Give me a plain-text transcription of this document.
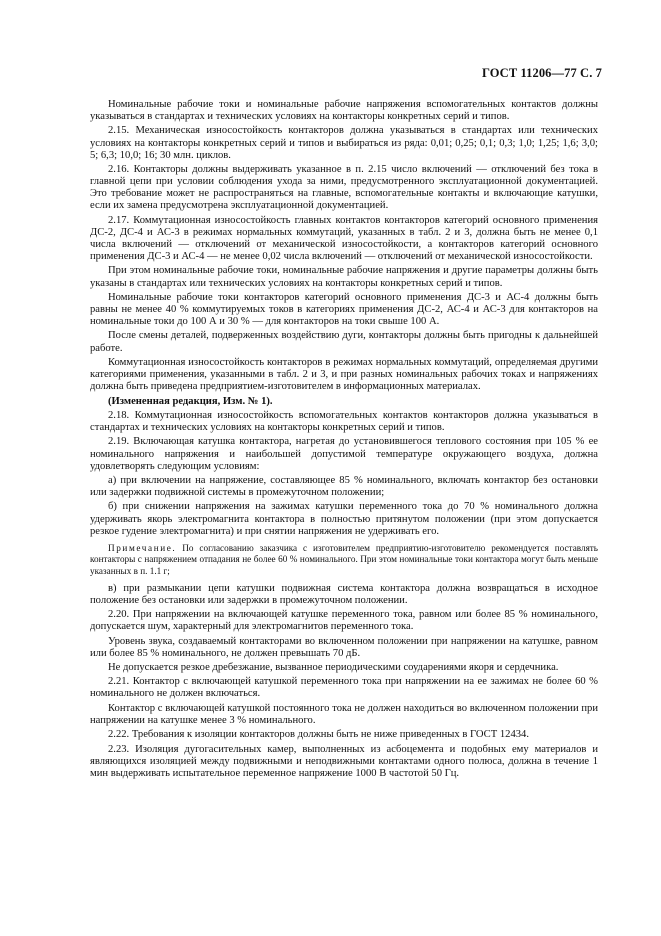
ГОСТ 11206—77 С. 7

Номинальные рабочие токи и номинальные рабочие напряжения вспомогательных контактов должны указываться в стандартах и технических условиях на контакторы конкретных серий и типов.

2.15. Механическая износостойкость контакторов должна указываться в стандартах или технических условиях на контакторы конкретных серий и типов и выбираться из ряда: 0,01; 0,25; 0,1; 0,3; 1,0; 1,25; 1,6; 3,0; 5; 6,3; 10,0; 16; 30 млн. циклов.

2.16. Контакторы должны выдерживать указанное в п. 2.15 число включений — отключений без тока в главной цепи при условии соблюдения ухода за ними, предусмотренного эксплуатационной документацией. Это требование может не распространяться на главные, вспомогательные контакты и включающие катушки, если их замена предусмотрена эксплуатационной документацией.

2.17. Коммутационная износостойкость главных контактов контакторов категорий основного применения ДС-2, ДС-4 и АС-3 в режимах нормальных коммутаций, указанных в табл. 2 и 3, должна быть не менее 0,1 числа включений — отключений от механической износостойкости, а контакторов категорий основного применения ДС-3 и АС-4 — не менее 0,02 числа включений — отключений от механической износостойкости.

При этом номинальные рабочие токи, номинальные рабочие напряжения и другие параметры должны быть указаны в стандартах или технических условиях на контакторы конкретных серий и типов.

Номинальные рабочие токи контакторов категорий основного применения ДС-3 и АС-4 должны быть равны не менее 40 % коммутируемых токов в категориях применения ДС-2, АС-4 и АС-3 для контакторов на номинальные токи до 100 А и 30 % — для контакторов на токи свыше 100 А.

После смены деталей, подверженных воздействию дуги, контакторы должны быть пригодны к дальнейшей работе.

Коммутационная износостойкость контакторов в режимах нормальных коммутаций, определяемая другими категориями применения, указанными в табл. 2 и 3, и при разных номинальных рабочих токах и напряжениях должна быть приведена предприятием-изготовителем в информационных материалах.

(Измененная редакция, Изм. № 1).

2.18. Коммутационная износостойкость вспомогательных контактов контакторов должна указываться в стандартах и технических условиях на контакторы конкретных серий и типов.

2.19. Включающая катушка контактора, нагретая до установившегося теплового состояния при 105 % ее номинального напряжения и наибольшей допустимой температуре окружающего воздуха, должна удовлетворять следующим условиям:

а) при включении на напряжение, составляющее 85 % номинального, включать контактор без остановки или задержки подвижной системы в промежуточном положении;

б) при снижении напряжения на зажимах катушки переменного тока до 70 % номинального должна удерживать якорь электромагнита контактора в полностью притянутом положении (при этом допускается резкое гудение электромагнита) и при снятии напряжения не удерживать его.

Примечание. По согласованию заказчика с изготовителем предприятию-изготовителю рекомендуется поставлять контакторы с напряжением отпадания не более 60 % номинального. При этом номинальные токи контактора могут быть меньше указанных в п. 1.1 г;

в) при размыкании цепи катушки подвижная система контактора должна возвращаться в исходное положение без остановки или задержки в промежуточном положении.

2.20. При напряжении на включающей катушке переменного тока, равном или более 85 % номинального, допускается шум, характерный для электромагнитов переменного тока.

Уровень звука, создаваемый контакторами во включенном положении при напряжении на катушке, равном или более 85 % номинального, не должен превышать 70 дБ.

Не допускается резкое дребезжание, вызванное периодическими соударениями якоря и сердечника.

2.21. Контактор с включающей катушкой переменного тока при напряжении на ее зажимах не более 60 % номинального не должен включаться.

Контактор с включающей катушкой постоянного тока не должен находиться во включенном положении при напряжении на катушке менее 3 % номинального.

2.22. Требования к изоляции контакторов должны быть не ниже приведенных в ГОСТ 12434.

2.23. Изоляция дугогасительных камер, выполненных из асбоцемента и подобных ему материалов и являющихся изоляцией между подвижными и неподвижными контактами одного полюса, должна в течение 1 мин выдерживать испытательное переменное напряжение 1000 В частотой 50 Гц.
